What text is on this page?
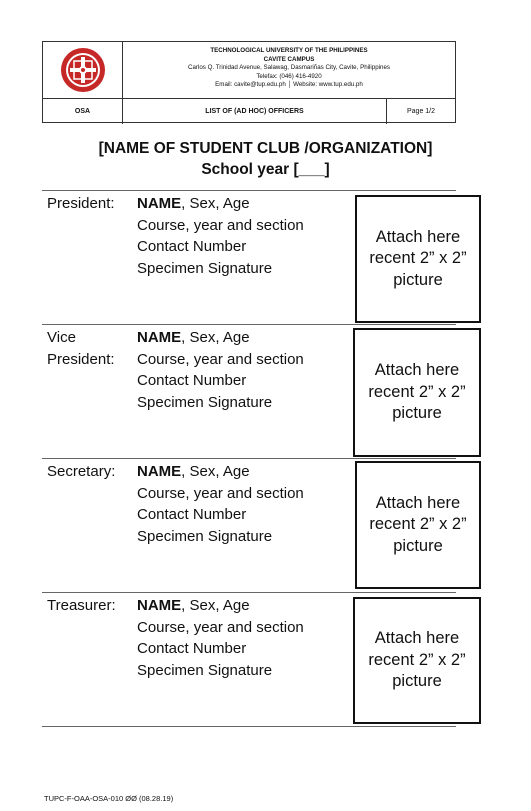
TECHNOLOGICAL UNIVERSITY OF THE PHILIPPINES
CAVITE CAMPUS
Carlos Q. Trinidad Avenue, Salawag, Dasmariñas City, Cavite, Philippines
Telefax: (046) 416-4920
Email: cavite@tup.edu.ph │ Website: www.tup.edu.ph
OSA	LIST OF (AD HOC) OFFICERS	Page 1/2
[NAME OF STUDENT CLUB /ORGANIZATION]
School year [___]
President: NAME, Sex, Age
Course, year and section
Contact Number
Specimen Signature
Attach here recent 2” x 2” picture
Vice
President:
NAME, Sex, Age
Course, year and section
Contact Number
Specimen Signature
Attach here recent 2” x 2” picture
Secretary: NAME, Sex, Age
Course, year and section
Contact Number
Specimen Signature
Attach here recent 2” x 2” picture
Treasurer: NAME, Sex, Age
Course, year and section
Contact Number
Specimen Signature
Attach here recent 2” x 2” picture
TUPC-F-OAA-OSA-010 ØØ (08.28.19)
